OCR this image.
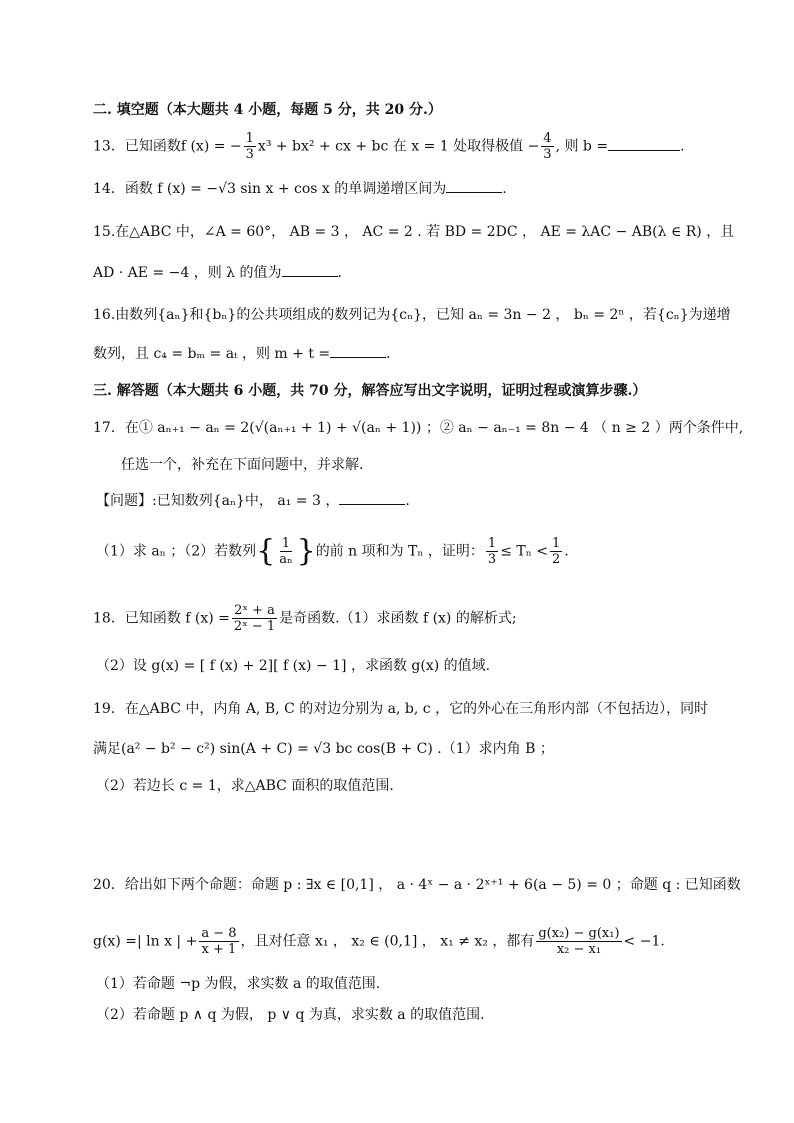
二. 填空题（本大题共 4 小题，每题 5 分，共 20 分.）
13．已知函数f (x) = − $\frac{1}{3} x^3 + bx^2$ + cx + bc 在 x = 1 处取得极值 − $\frac{4}{3}$ , 则 b =	.
14．函数 f (x) = −√3 sin x + cos x 的单调递增区间为	.
15.在△ABC 中，∠A = 60°， AB = 3 ， AC = 2 . 若 BD = 2DC ， AE = λAC − AB(λ ∈ R) ，且
AD · AE = −4 ，则 λ 的值为	.
16.由数列{aₙ}和{bₙ}的公共项组成的数列记为{cₙ}，已知 aₙ = 3n − 2 ， bₙ = 2ⁿ ，若{cₙ}为递增
数列，且 c₄ = bₘ = aₜ ，则 m + t =	.
三. 解答题（本大题共 6 小题，共 70 分，解答应写出文字说明，证明过程或演算步骤.）
17．在① aₙ₊₁ − aₙ = 2(√(aₙ₊₁ + 1) + √(aₙ + 1)) ；② aₙ − aₙ₋₁ = 8n − 4 （ n ≥ 2 ）两个条件中,
任选一个，补充在下面问题中，并求解.
【问题】:已知数列{aₙ}中， a₁ = 3 ，	.
（1）求 aₙ ；（2）若数列{ $\frac{1}{\text{aₙ}}$ }的前 n 项和为 Tₙ ，证明： $\frac{1}{3} \le T_n < \frac{1}{2}$ .
18．已知函数 f $(x) = \frac{\text{2ˣ + a}}{\text{2ˣ − 1}}$ 是奇函数.（1）求函数 f (x) 的解析式;
（2）设 g(x) = [ f (x) + 2][ f (x) − 1] ，求函数 g(x) 的值域.
19．在△ABC 中，内角 A, B, C 的对边分别为 a, b, c ，它的外心在三角形内部（不包括边），同时
满足(a² − b² − c²) sin(A + C) = √3 bc cos(B + C) .（1）求内角 B ；
（2）若边长 c = 1，求△ABC 面积的取值范围.
20．给出如下两个命题：命题 p : ∃x ∈ [0,1] ， a · 4ˣ − a · 2ˣ⁺¹ + 6(a − 5) = 0 ；命题 q : 已知函数
g(x) =| ln x | + $\frac{a - 8}{x + 1}$ ，且对任意 x₁ ， x₂ ∈ (0,1] ， x₁ ≠ x₂ ，都有 $\frac{\text{g(x₂) − g(x₁)}}{\text{x₂ − x₁}} < -1$.
（1）若命题 ¬p 为假，求实数 a 的取值范围.
（2）若命题 p ∧ q 为假， p ∨ q 为真，求实数 a 的取值范围.
